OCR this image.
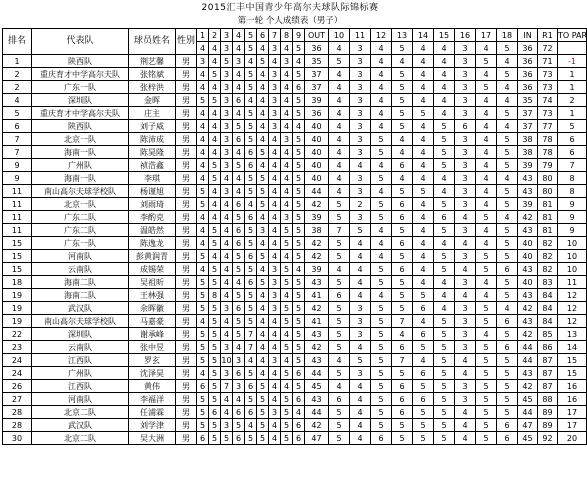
2015汇丰中国青少年高尔夫球队际锦标赛
第一轮 个人成绩表（男子）
排名	代表队	球员姓名	性别	1	2	3	4	5	6	7	8	9	OUT	10	11	12	13	14	15	16	17	18	IN	R1	TO PAR
				4	4	3	4	5	4	3	4	5	36	4	3	4	5	4	4	3	4	5	36	72	
1	陕西队	荆艺馨	男	3	4	5	3	4	5	4	3	4	35	5	3	4	4	4	4	3	5	4	36	71	-1
2	重庆育才中学高尔夫队	张铭斌	男	4	5	3	4	5	4	3	4	5	37	4	3	4	5	4	4	3	4	5	36	73	1
2	广东一队	张梓洪	男	4	4	3	4	5	4	3	4	6	37	4	3	4	5	4	4	3	5	4	36	73	1
4	深圳队	金晖	男	5	5	3	6	4	4	3	4	5	39	4	3	4	5	4	4	3	4	4	35	74	2
5	重庆育才中学高尔夫队	庄主	男	4	4	3	4	5	4	3	4	5	36	4	3	4	5	5	4	3	4	5	37	73	1
6	陕西队	刘子威	男	4	4	3	5	5	4	3	4	4	40	4	3	4	5	4	5	6	4	4	37	77	5
7	北京一队	陈沛成	男	4	4	3	6	5	4	4	3	5	40	4	3	5	4	4	5	3	4	5	38	78	6
7	海南一队	陈昊隆	男	4	4	3	4	6	5	4	4	5	40	4	3	5	4	4	5	3	4	5	38	78	6
9	广州队	祯浩鑫	男	4	5	3	5	6	4	4	4	5	40	4	4	4	6	4	5	3	4	5	39	79	7
9	海南一队	李琪	男	4	5	4	4	5	5	4	4	5	40	4	3	5	4	4	4	3	4	4	43	80	8
11	南山高尔夫球学校队	杨谨旭	男	5	4	3	4	5	5	4	4	5	44	4	3	4	5	5	4	3	4	5	43	80	8
11	北京一队	刘雨琦	男	5	4	4	6	4	5	4	4	5	42	5	2	5	6	4	5	3	4	5	39	81	9
11	广东二队	李酌克	男	4	4	4	5	6	4	4	3	5	39	5	3	5	6	4	6	4	5	4	42	81	9
11	广东二队	温皓然	男	4	5	4	6	5	3	4	5	5	38	7	5	4	5	4	5	3	4	5	43	81	9
15	广东一队	陈逸龙	男	4	5	4	6	5	4	4	5	5	42	5	4	4	6	4	4	4	4	5	40	82	10
15	河南队	彭黄润青	男	5	4	4	5	6	5	4	4	5	42	5	4	4	5	4	5	3	5	5	40	82	10
15	云南队	成锡荣	男	4	5	4	5	5	4	3	5	4	39	4	4	5	6	4	5	4	5	6	43	82	10
18	海南二队	吴祖昕	男	5	5	4	4	6	5	3	5	5	43	5	4	5	5	4	4	3	4	5	40	83	11
19	海南二队	王林强	男	5	8	4	5	5	4	3	4	5	41	6	4	4	5	5	4	4	4	5	43	84	12
19	武汉队	余晖徽	男	5	5	3	6	5	4	3	5	5	42	5	3	5	5	6	4	3	5	4	42	84	12
19	南山高尔夫球学校队	马嘉豪	男	4	5	4	5	5	4	4	5	5	41	5	3	5	7	4	5	3	5	6	43	84	12
22	深圳队	谢承峰	男	5	5	4	5	7	4	4	4	5	43	5	3	5	4	6	5	3	4	5	42	85	13
23	云南队	张中昱	男	5	5	3	4	7	4	4	5	5	42	5	4	5	6	5	5	3	5	6	44	86	14
24	江西队	罗玄	男	5	5	10	3	4	4	3	4	5	43	4	5	5	7	4	5	4	5	5	44	87	15
24	广州队	沈泽昊	男	4	5	3	6	5	4	4	5	6	44	5	3	5	5	6	5	4	5	5	43	87	15
26	江西队	黄伟	男	6	5	7	3	6	5	4	4	5	45	4	4	5	6	5	5	3	5	5	42	87	16
27	河南队	李福洋	男	5	5	4	4	5	5	4	5	6	43	6	4	5	6	6	5	3	5	5	45	88	16
28	北京二队	任浦霖	男	5	6	4	6	6	5	3	5	4	44	5	4	5	6	5	5	4	5	5	44	89	17
28	武汉队	刘学津	男	5	5	3	5	4	5	4	5	6	42	5	4	5	5	5	5	4	5	6	47	89	17
30	北京二队	吴大洲	男	6	5	5	6	5	5	4	5	6	47	5	4	6	5	5	5	4	5	6	45	92	20
